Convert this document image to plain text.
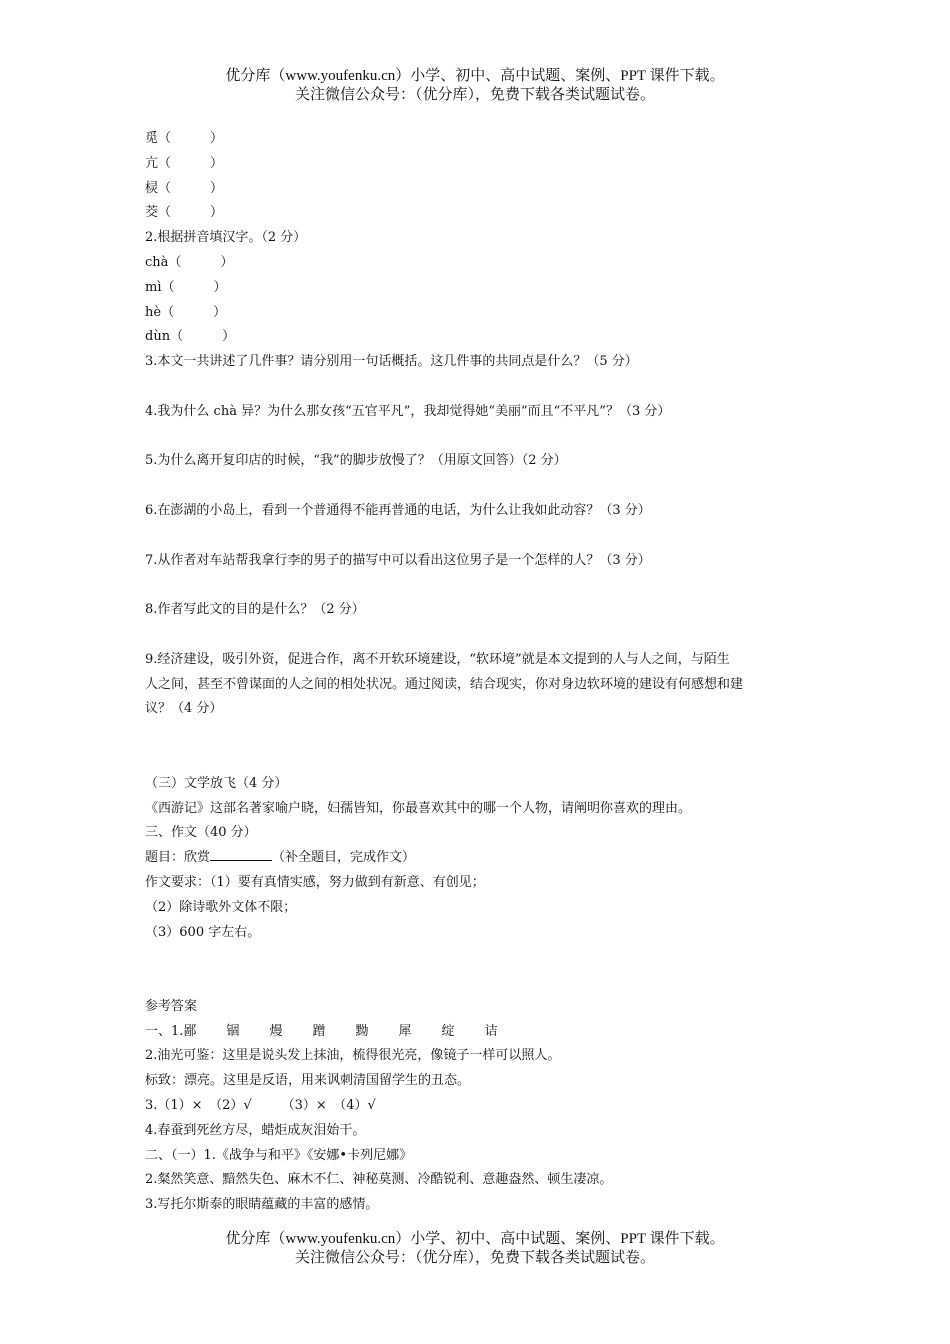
优分库（www.youfenku.cn）小学、初中、高中试题、案例、PPT 课件下载。
关注微信公众号：（优分库），免费下载各类试题试卷。
觅（　　　）
亢（　　　）
棂（　　　）
茭（　　　）
2.根据拼音填汉字。（2 分）
chà（　　　）
mì（　　　）
hè（　　　）
dùn（　　　）
3.本文一共讲述了几件事？请分别用一句话概括。这几件事的共同点是什么？（5 分）
4.我为什么 chà 异？为什么那女孩“五官平凡”，我却觉得她“美丽”而且“不平凡”？（3 分）
5.为什么离开复印店的时候，“我”的脚步放慢了？（用原文回答）（2 分）
6.在澎湖的小岛上，看到一个普通得不能再普通的电话，为什么让我如此动容？（3 分）
7.从作者对车站帮我拿行李的男子的描写中可以看出这位男子是一个怎样的人？（3 分）
8.作者写此文的目的是什么？（2 分）
9.经济建设，吸引外资，促进合作，离不开软环境建设，“软环境”就是本文提到的人与人之间，与陌生
人之间，甚至不曾谋面的人之间的相处状况。通过阅读，结合现实，你对身边软环境的建设有何感想和建
议？（4 分）
（三）文学放飞（4 分）
《西游记》这部名著家喻户晓，妇孺皆知，你最喜欢其中的哪一个人物，请阐明你喜欢的理由。
三、作文（40 分）
题目：欣赏	（补全题目，完成作文）
作文要求：（1）要有真情实感，努力做到有新意、有创见；
（2）除诗歌外文体不限；
（3）600 字左右。
参考答案
一、1.鄙 锢 熳 蹭 黝 犀 绽 诘
2.油光可鉴：这里是说头发上抹油，梳得很光亮，像镜子一样可以照人。
标致：漂亮。这里是反语，用来讽刺清国留学生的丑态。
3.（1）×　（2）√ （3）×　（4）√
4.春蚕到死丝方尽，蜡炬成灰泪始干。
二、（一）1.《战争与和平》《安娜•卡列尼娜》
2.粲然笑意、黯然失色、麻木不仁、神秘莫测、冷酷锐利、意趣盎然、顿生凄凉。
3.写托尔斯泰的眼睛蕴藏的丰富的感情。
优分库（www.youfenku.cn）小学、初中、高中试题、案例、PPT 课件下载。
关注微信公众号：（优分库），免费下载各类试题试卷。
